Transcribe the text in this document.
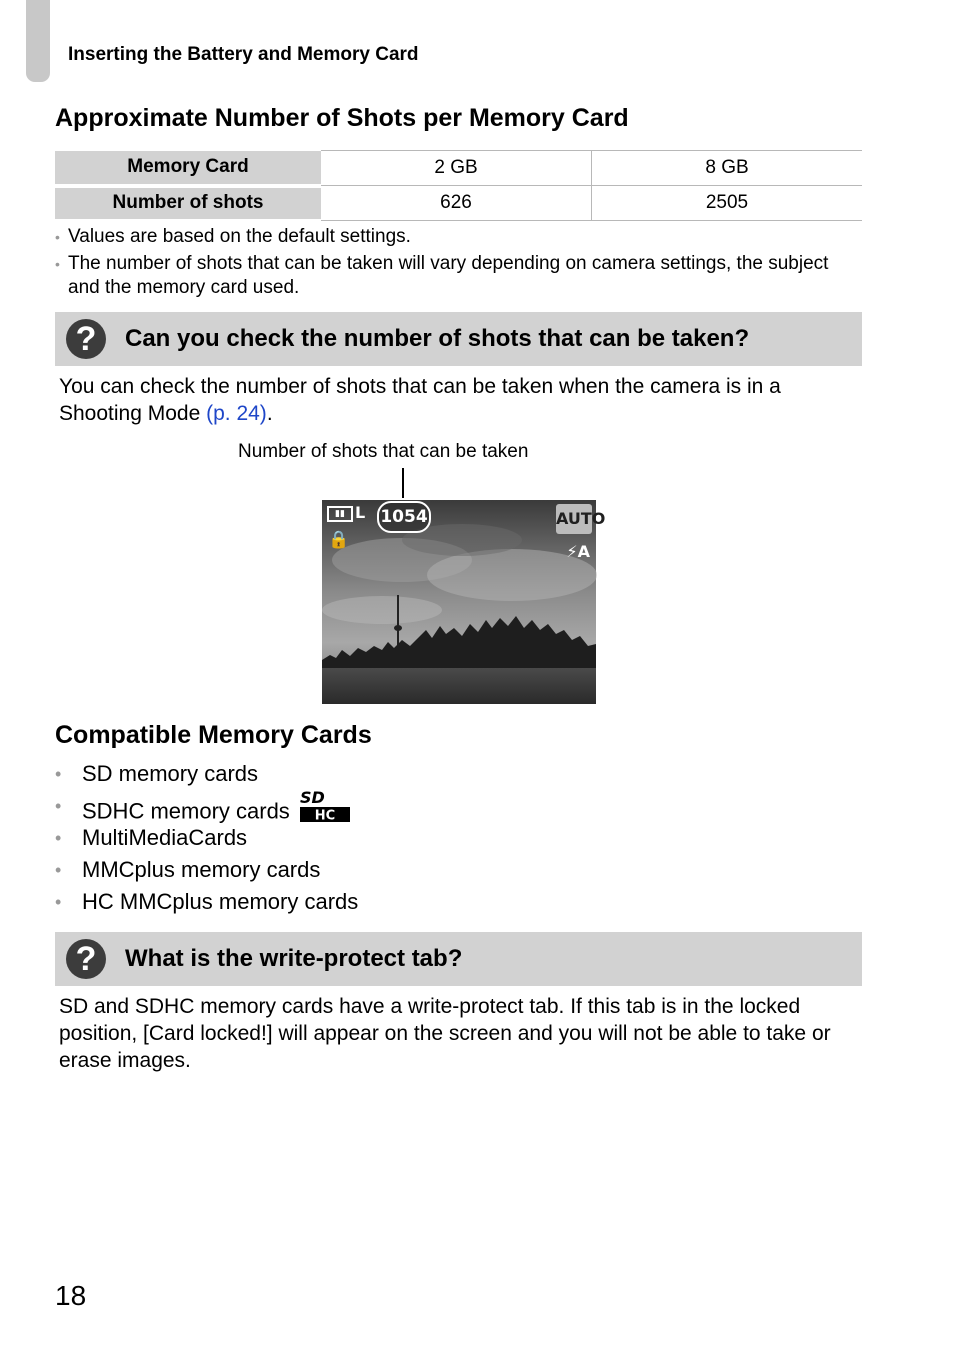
Inserting the Battery and Memory Card
Approximate Number of Shots per Memory Card
Memory Card	2 GB	8 GB
Number of shots	626	2505
• Values are based on the default settings.
• The number of shots that can be taken will vary depending on camera settings, the subject and the memory card used.
?	Can you check the number of shots that can be taken?
You can check the number of shots that can be taken when the camera is in a Shooting Mode (p. 24).
Number of shots that can be taken
▮▮ L 1054	AUTO
🔒
⚡A
Compatible Memory Cards
• SD memory cards
• SDHC memory cards
SD
HC
• MultiMediaCards
• MMCplus memory cards
• HC MMCplus memory cards
?	What is the write-protect tab?
SD and SDHC memory cards have a write-protect tab. If this tab is in the locked position, [Card locked!] will appear on the screen and you will not be able to take or erase images.
18
